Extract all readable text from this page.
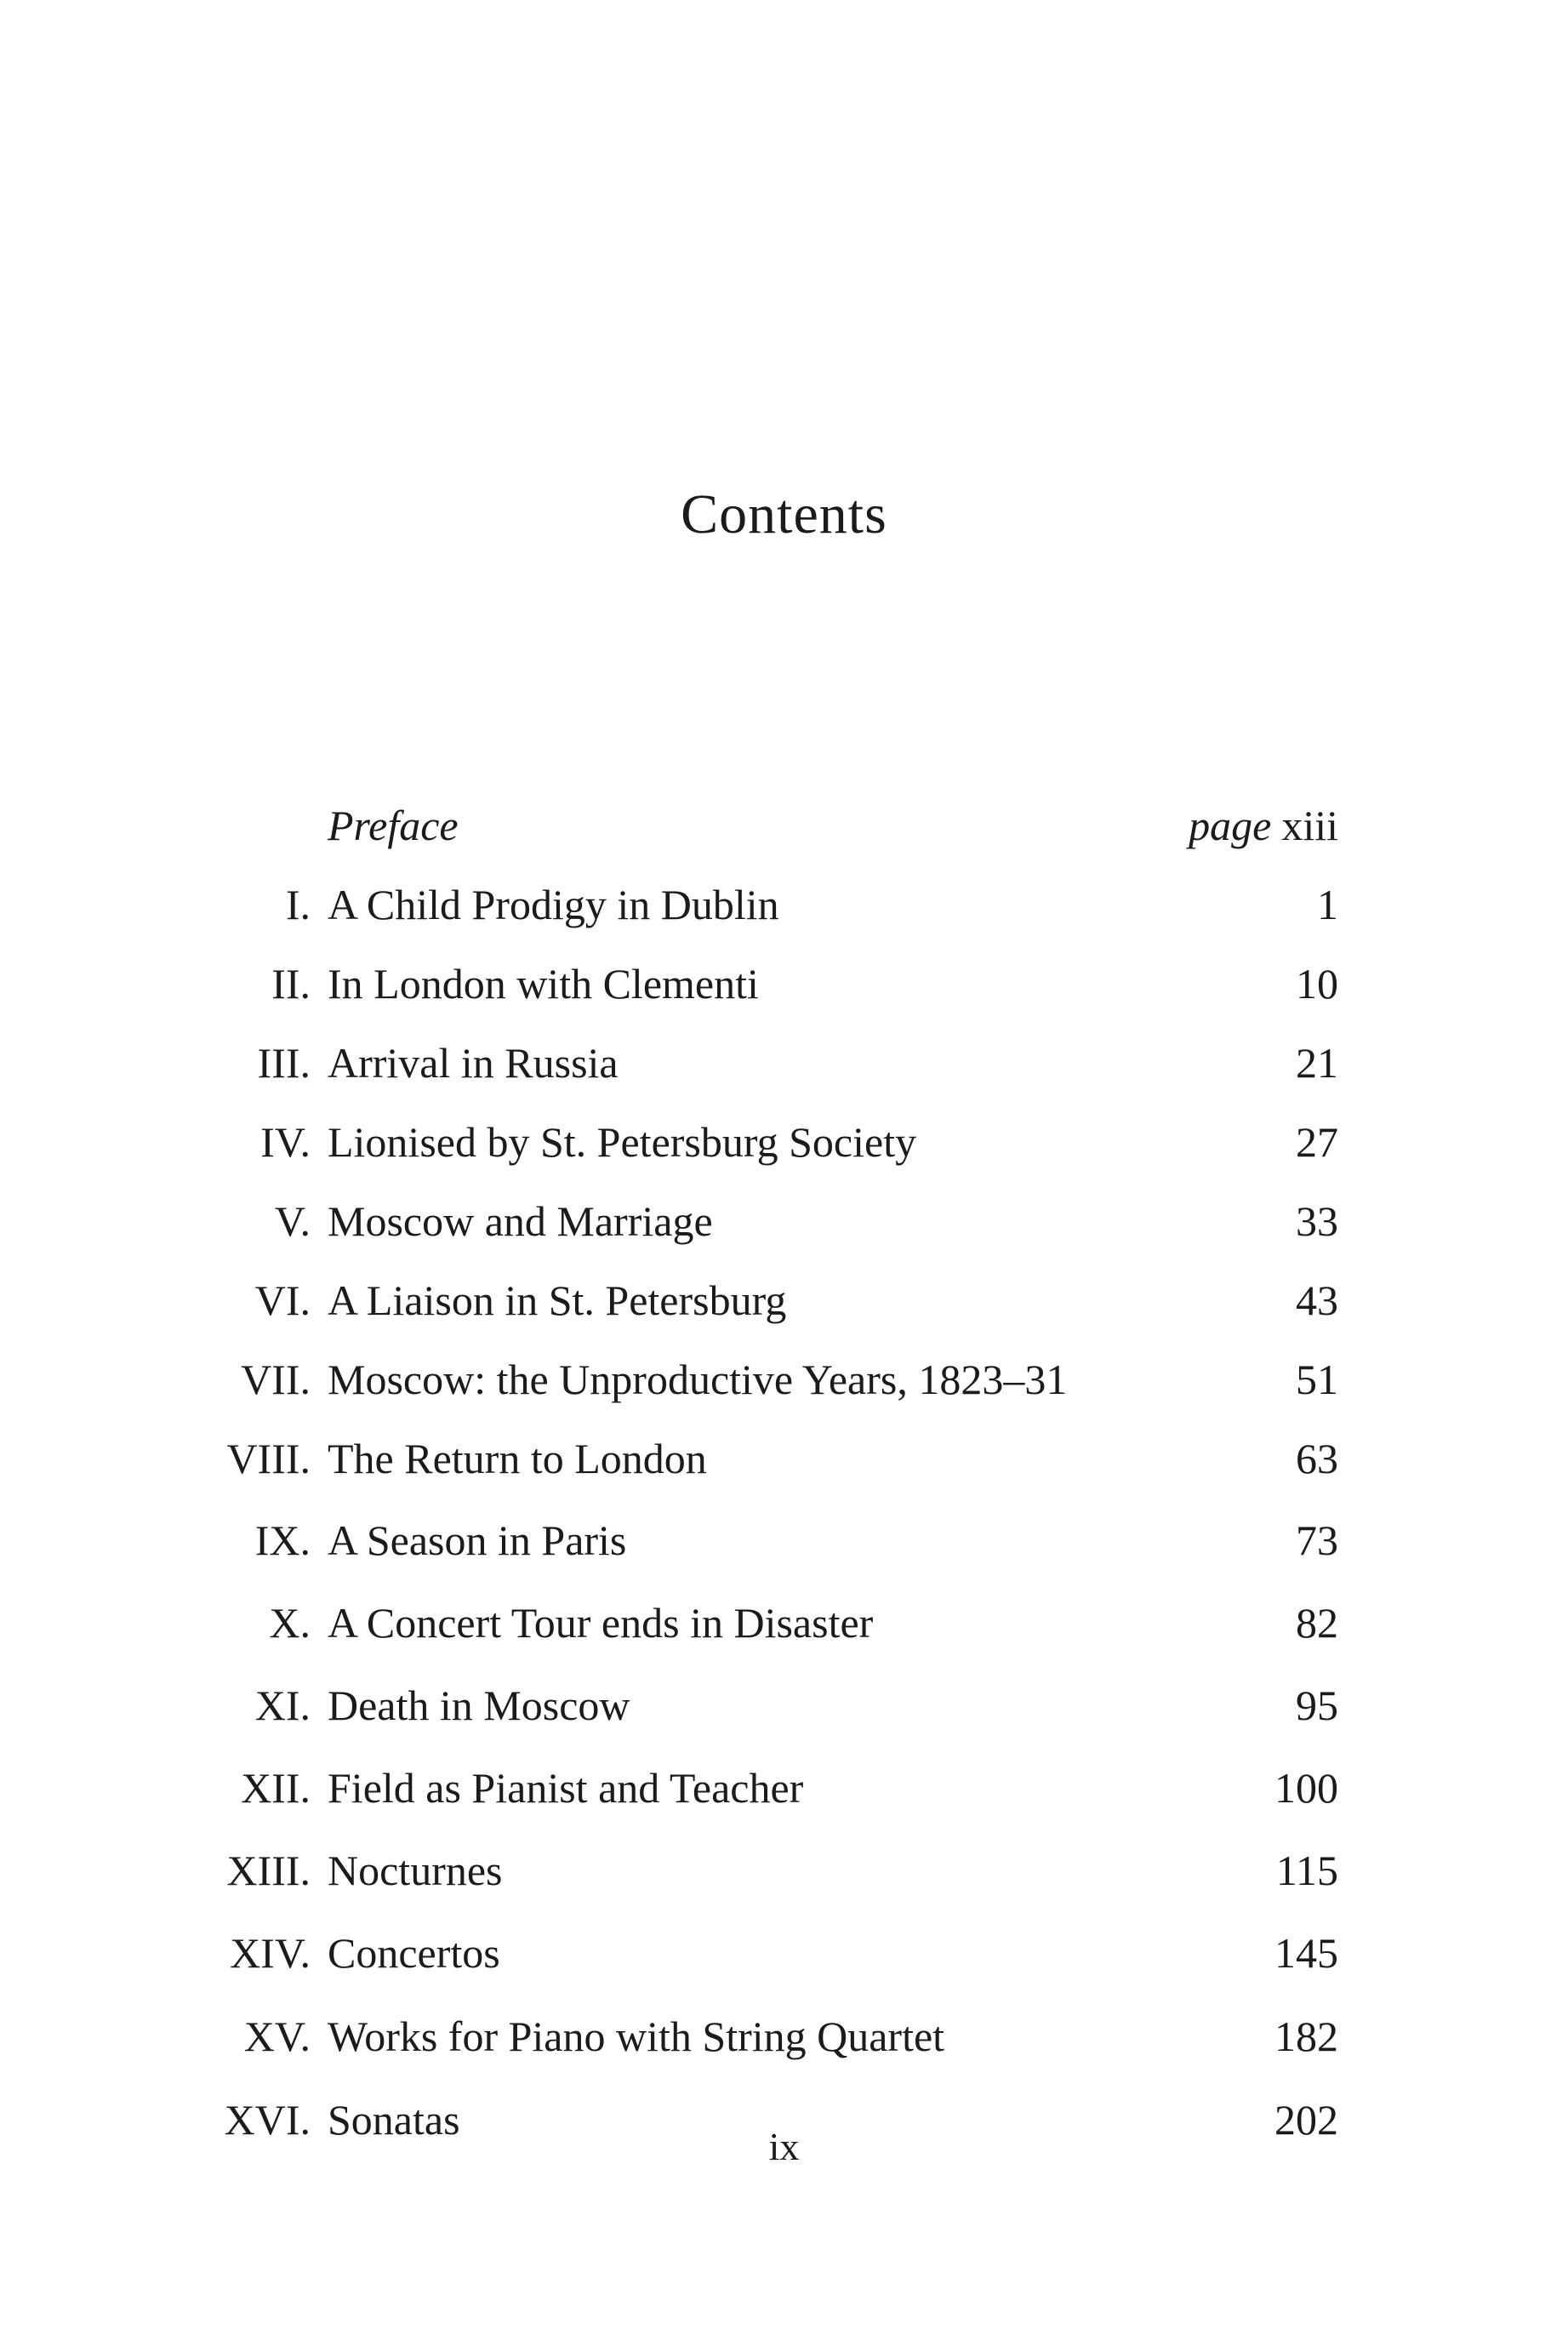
Contents
Preface	page xiii
I. A Child Prodigy in Dublin	1
II. In London with Clementi	10
III. Arrival in Russia	21
IV. Lionised by St. Petersburg Society	27
V. Moscow and Marriage	33
VI. A Liaison in St. Petersburg	43
VII. Moscow: the Unproductive Years, 1823–31	51
VIII. The Return to London	63
IX. A Season in Paris	73
X. A Concert Tour ends in Disaster	82
XI. Death in Moscow	95
XII. Field as Pianist and Teacher	100
XIII. Nocturnes	115
XIV. Concertos	145
XV. Works for Piano with String Quartet	182
XVI. Sonatas	202
ix
